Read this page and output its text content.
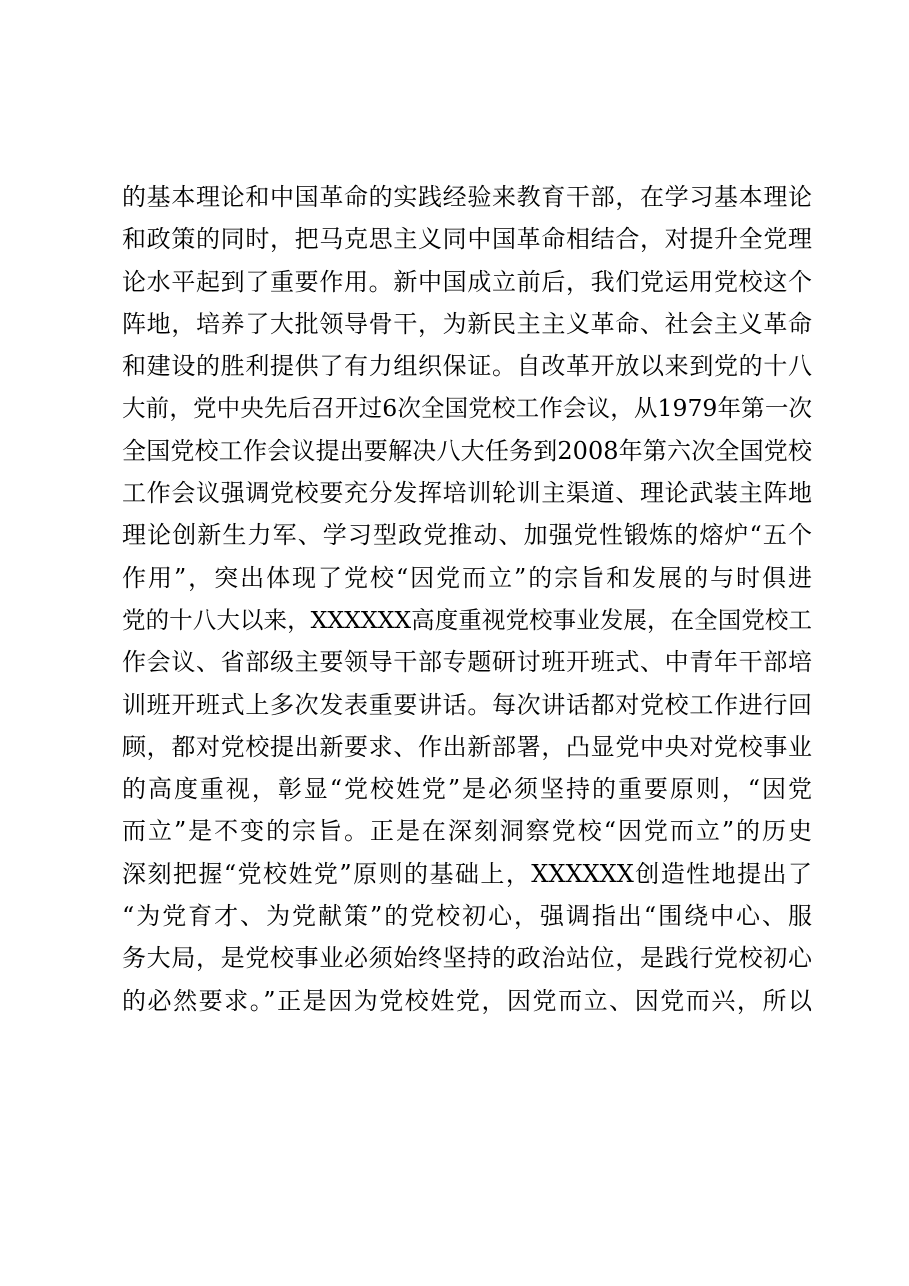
的基本理论和中国革命的实践经验来教育干部，在学习基本理论
和政策的同时，把马克思主义同中国革命相结合，对提升全党理
论水平起到了重要作用。新中国成立前后，我们党运用党校这个
阵地，培养了大批领导骨干，为新民主主义革命、社会主义革命
和建设的胜利提供了有力组织保证。自改革开放以来到党的十八
大前，党中央先后召开过6次全国党校工作会议，从1979年第一次
全国党校工作会议提出要解决八大任务到2008年第六次全国党校
工作会议强调党校要充分发挥培训轮训主渠道、理论武装主阵地
理论创新生力军、学习型政党推动、加强党性锻炼的熔炉“五个
作用”，突出体现了党校“因党而立”的宗旨和发展的与时俱进
党的十八大以来，XXXXXX高度重视党校事业发展，在全国党校工
作会议、省部级主要领导干部专题研讨班开班式、中青年干部培
训班开班式上多次发表重要讲话。每次讲话都对党校工作进行回
顾，都对党校提出新要求、作出新部署，凸显党中央对党校事业
的高度重视，彰显“党校姓党”是必须坚持的重要原则，“因党
而立”是不变的宗旨。正是在深刻洞察党校“因党而立”的历史
深刻把握“党校姓党”原则的基础上，XXXXXX创造性地提出了
“为党育才、为党献策”的党校初心，强调指出“围绕中心、服
务大局，是党校事业必须始终坚持的政治站位，是践行党校初心
的必然要求。”正是因为党校姓党，因党而立、因党而兴，所以
